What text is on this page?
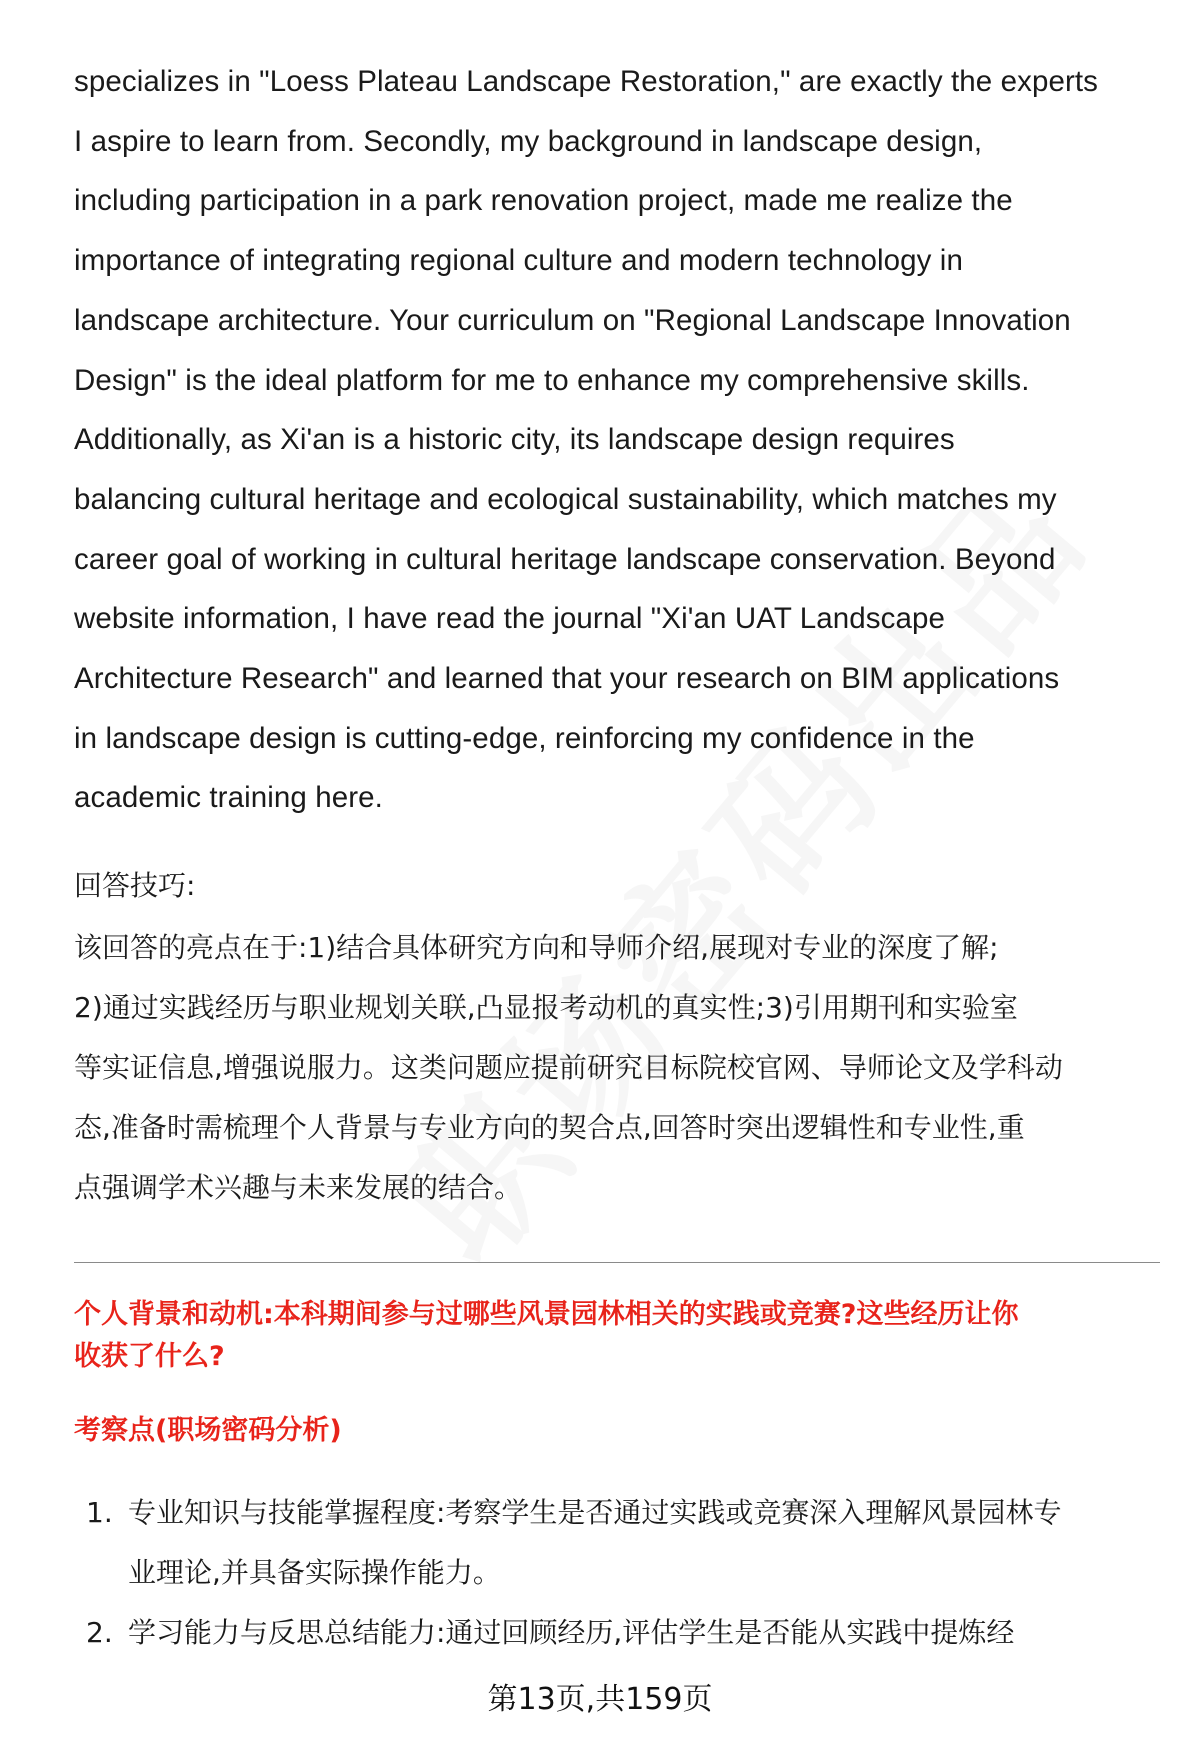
specializes in "Loess Plateau Landscape Restoration," are exactly the experts
I aspire to learn from. Secondly, my background in landscape design,
including participation in a park renovation project, made me realize the
importance of integrating regional culture and modern technology in
landscape architecture. Your curriculum on "Regional Landscape Innovation
Design" is the ideal platform for me to enhance my comprehensive skills.
Additionally, as Xi'an is a historic city, its landscape design requires
balancing cultural heritage and ecological sustainability, which matches my
career goal of working in cultural heritage landscape conservation. Beyond
website information, I have read the journal "Xi'an UAT Landscape
Architecture Research" and learned that your research on BIM applications
in landscape design is cutting-edge, reinforcing my confidence in the
academic training here.

回答技巧:

该回答的亮点在于:1)结合具体研究方向和导师介绍,展现对专业的深度了解;
2)通过实践经历与职业规划关联,凸显报考动机的真实性;3)引用期刊和实验室
等实证信息,增强说服力。这类问题应提前研究目标院校官网、导师论文及学科动
态,准备时需梳理个人背景与专业方向的契合点,回答时突出逻辑性和专业性,重
点强调学术兴趣与未来发展的结合。

个人背景和动机:本科期间参与过哪些风景园林相关的实践或竞赛?这些经历让你
收获了什么?

考察点(职场密码分析)

1. 专业知识与技能掌握程度:考察学生是否通过实践或竞赛深入理解风景园林专
业理论,并具备实际操作能力。
2. 学习能力与反思总结能力:通过回顾经历,评估学生是否能从实践中提炼经
第13页,共159页
